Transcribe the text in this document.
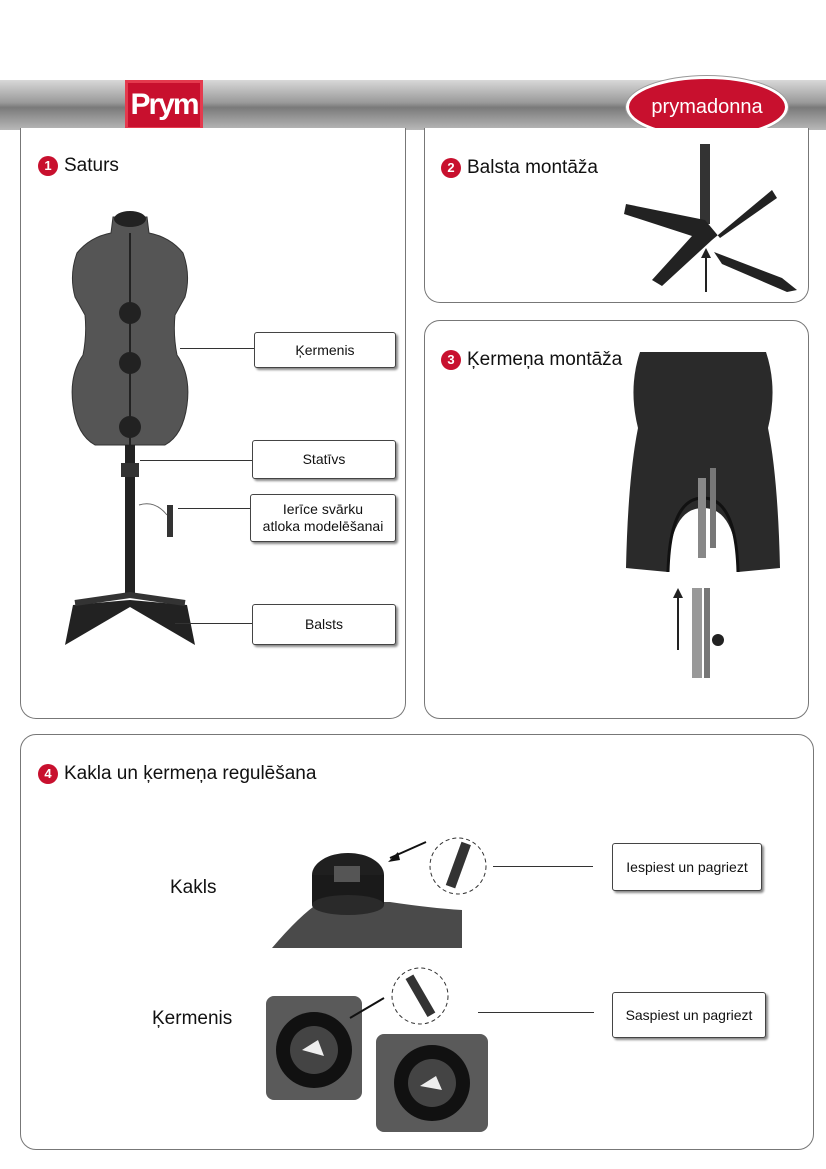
Prym	prymadonna
1 Saturs
Ķermenis
Statīvs
Ierīce svārku
atloka modelēšanai
Balsts
2 Balsta montāža
3 Ķermeņa montāža
4 Kakla un ķermeņa regulēšana
Kakls
Ķermenis
Iespiest un pagriezt
Saspiest un pagriezt
